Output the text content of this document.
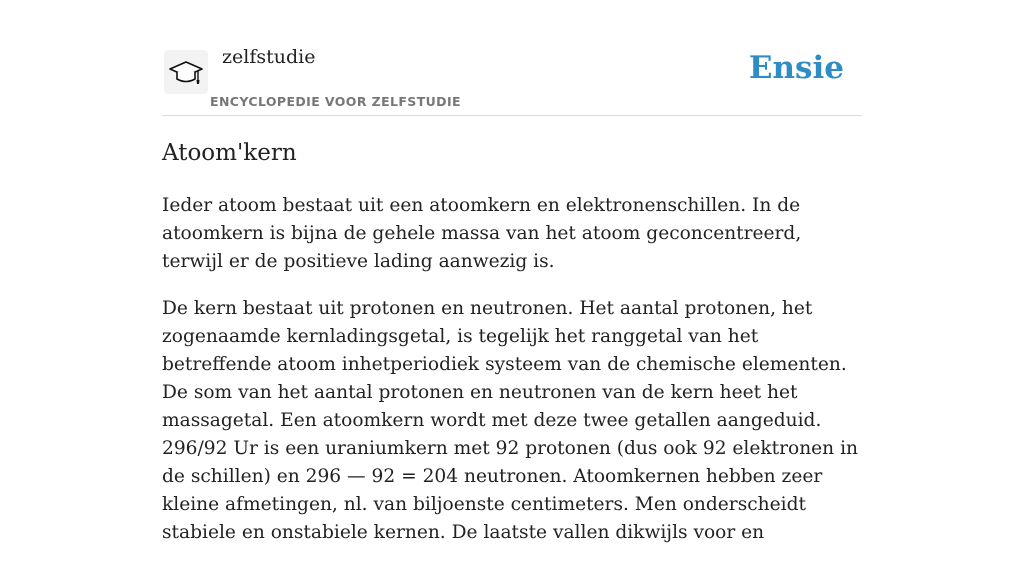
zelfstudie
ENCYCLOPEDIE VOOR ZELFSTUDIE
Ensie
Atoom'kern

Ieder atoom bestaat uit een atoomkern en elektronenschillen. In de atoomkern is bijna de gehele massa van het atoom geconcentreerd, terwijl er de positieve lading aanwezig is.

De kern bestaat uit protonen en neutronen. Het aantal protonen, het zogenaamde kernladingsgetal, is tegelijk het ranggetal van het betreffende atoom inhetperiodiek systeem van de chemische elementen. De som van het aantal protonen en neutronen van de kern heet het massagetal. Een atoomkern wordt met deze twee getallen aangeduid. 296/92 Ur is een uraniumkern met 92 protonen (dus ook 92 elektronen in de schillen) en 296 — 92 = 204 neutronen. Atoomkernen hebben zeer kleine afmetingen, nl. van biljoenste centimeters. Men onderscheidt stabiele en onstabiele kernen. De laatste vallen dikwijls voor en
